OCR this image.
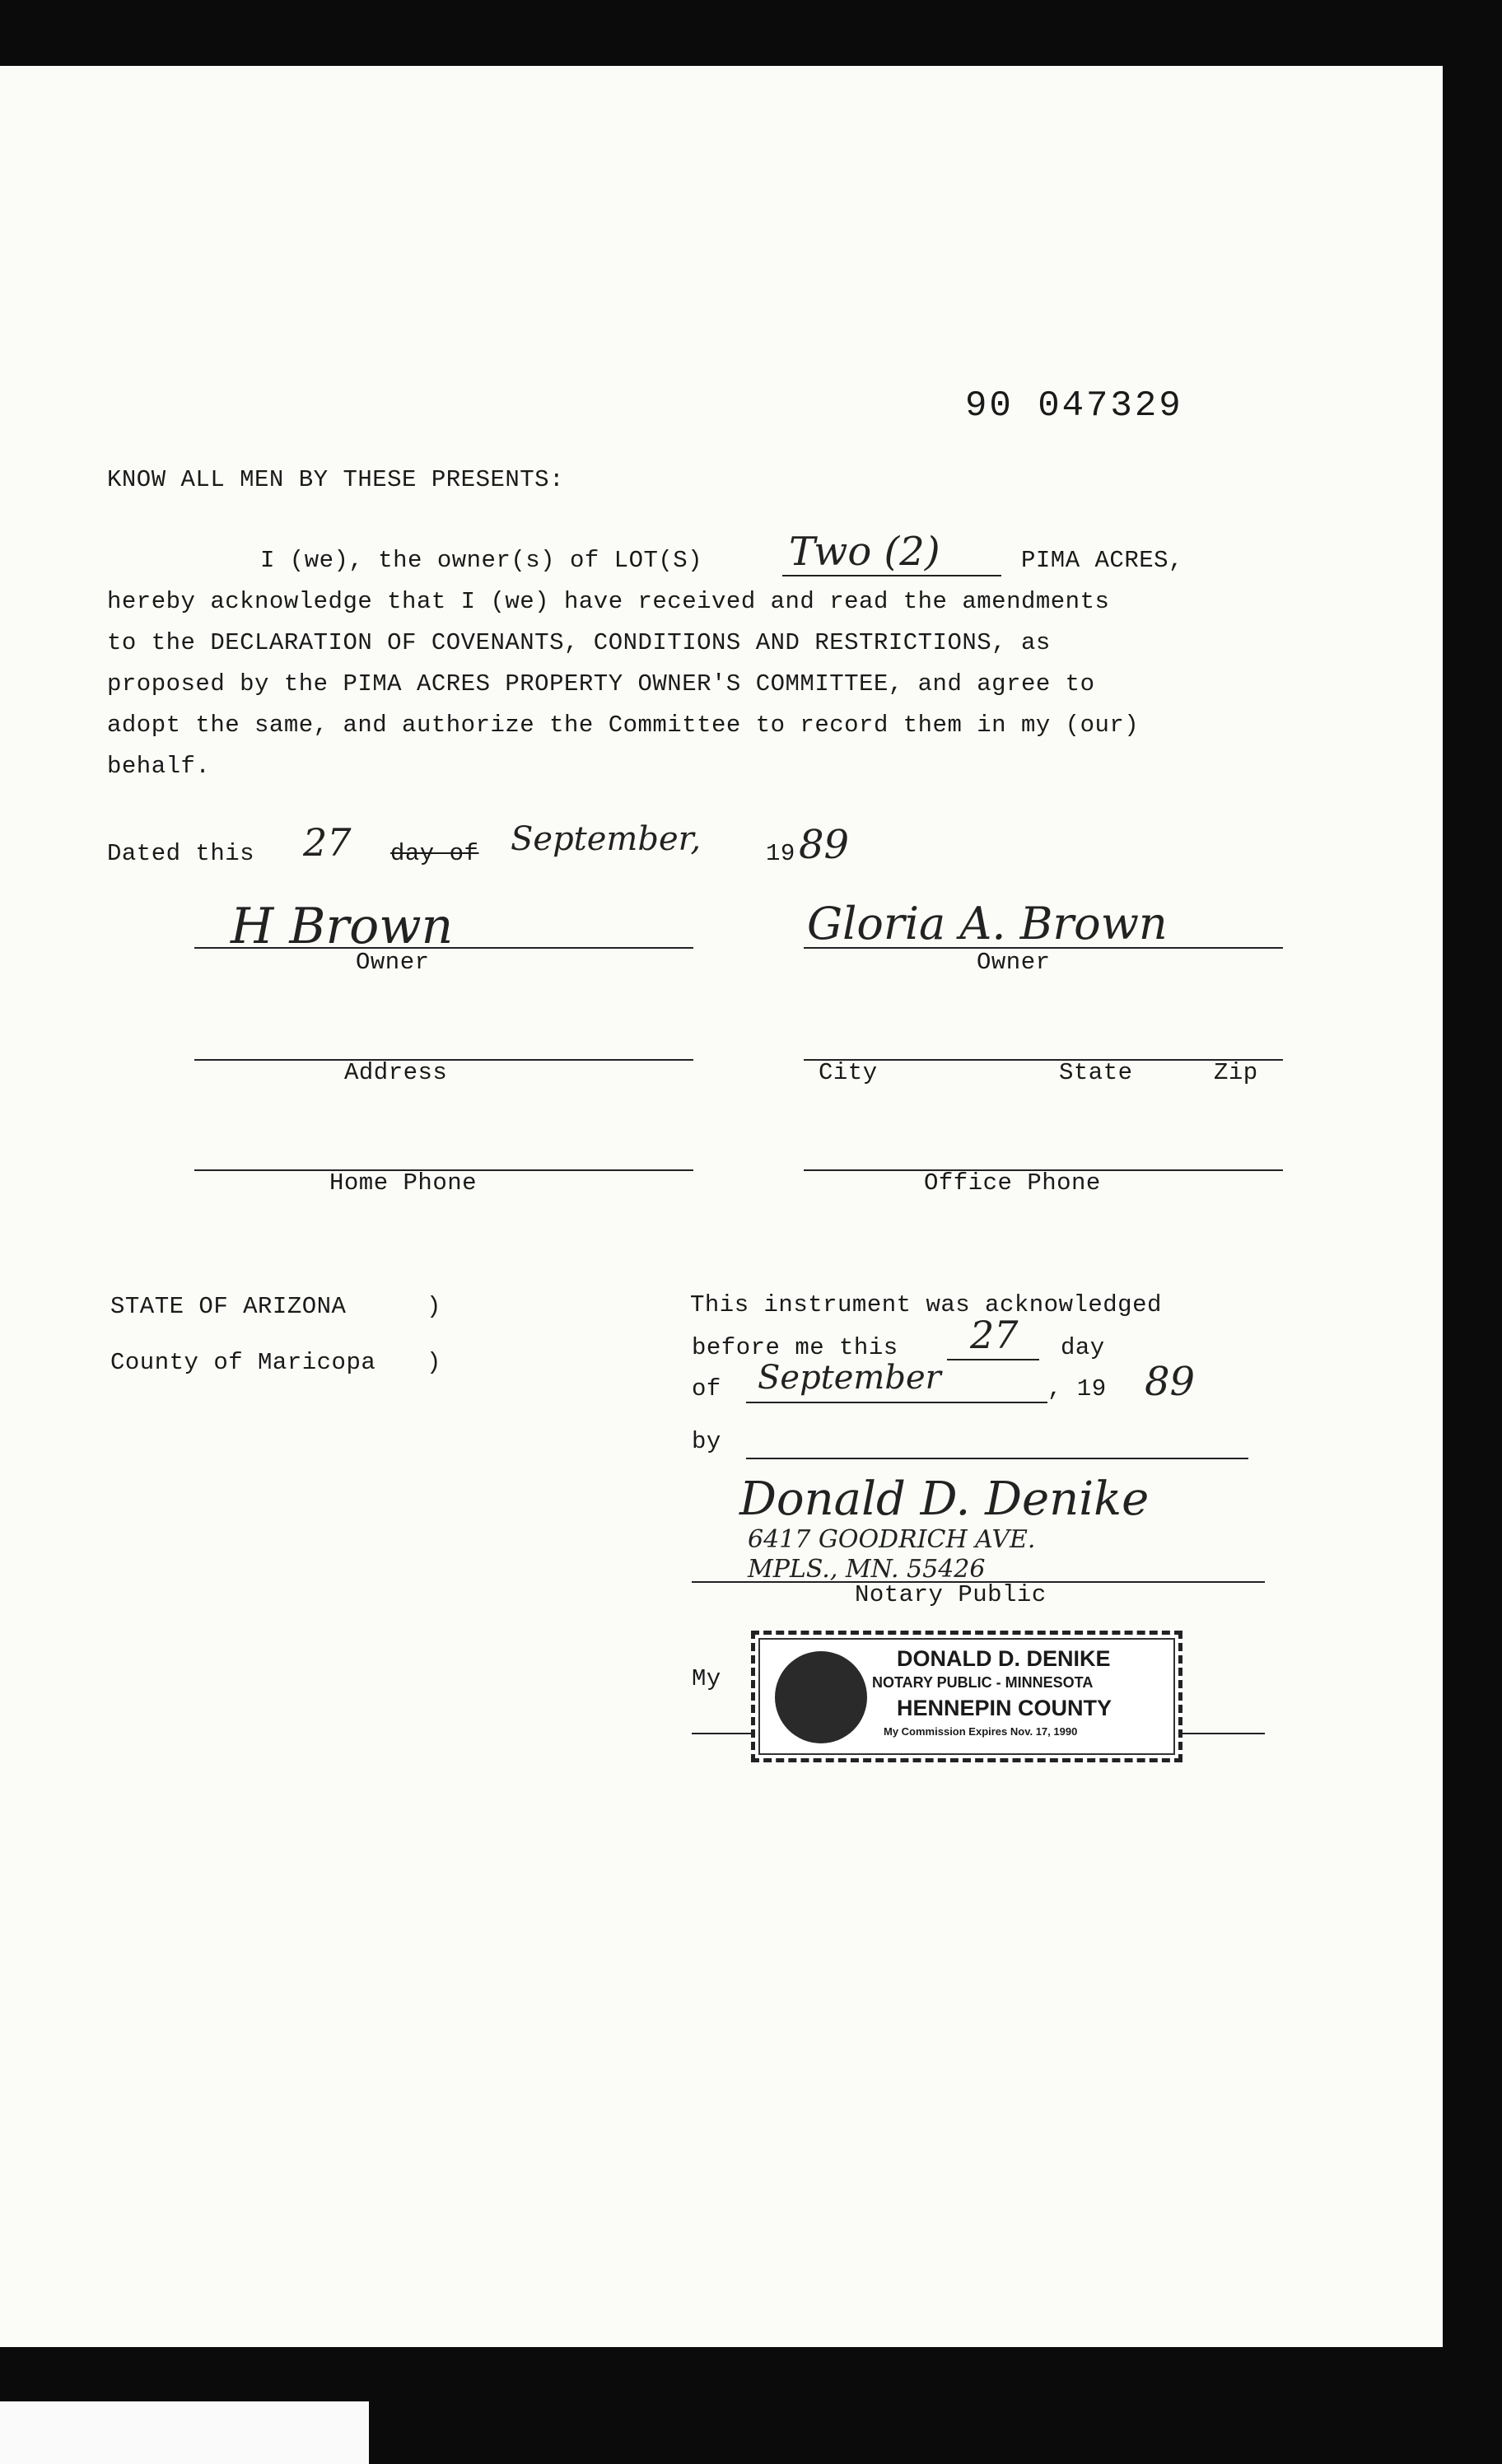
90 047329
KNOW ALL MEN BY THESE PRESENTS:
I (we), the owner(s) of LOT(S) Two (2)	PIMA ACRES,
hereby acknowledge that I (we) have received and read the amendments
to the DECLARATION OF COVENANTS, CONDITIONS AND RESTRICTIONS, as
proposed by the PIMA ACRES PROPERTY OWNER'S COMMITTEE, and agree to
adopt the same, and authorize the Committee to record them in my (our)
behalf.
Dated this 27 day of September,	19 89
H Brown
Owner
Gloria A. Brown
Owner
Address	City	State	Zip
Home Phone	Office Phone
STATE OF ARIZONA	)
County of Maricopa )
This instrument was acknowledged
before me this 27 day
of September	, 19 89
by
Donald D. Denike
6417 GOODRICH AVE.
MPLS., MN. 55426
Notary Public
My
DONALD D. DENIKE
NOTARY PUBLIC - MINNESOTA
HENNEPIN COUNTY
My Commission Expires Nov. 17, 1990
